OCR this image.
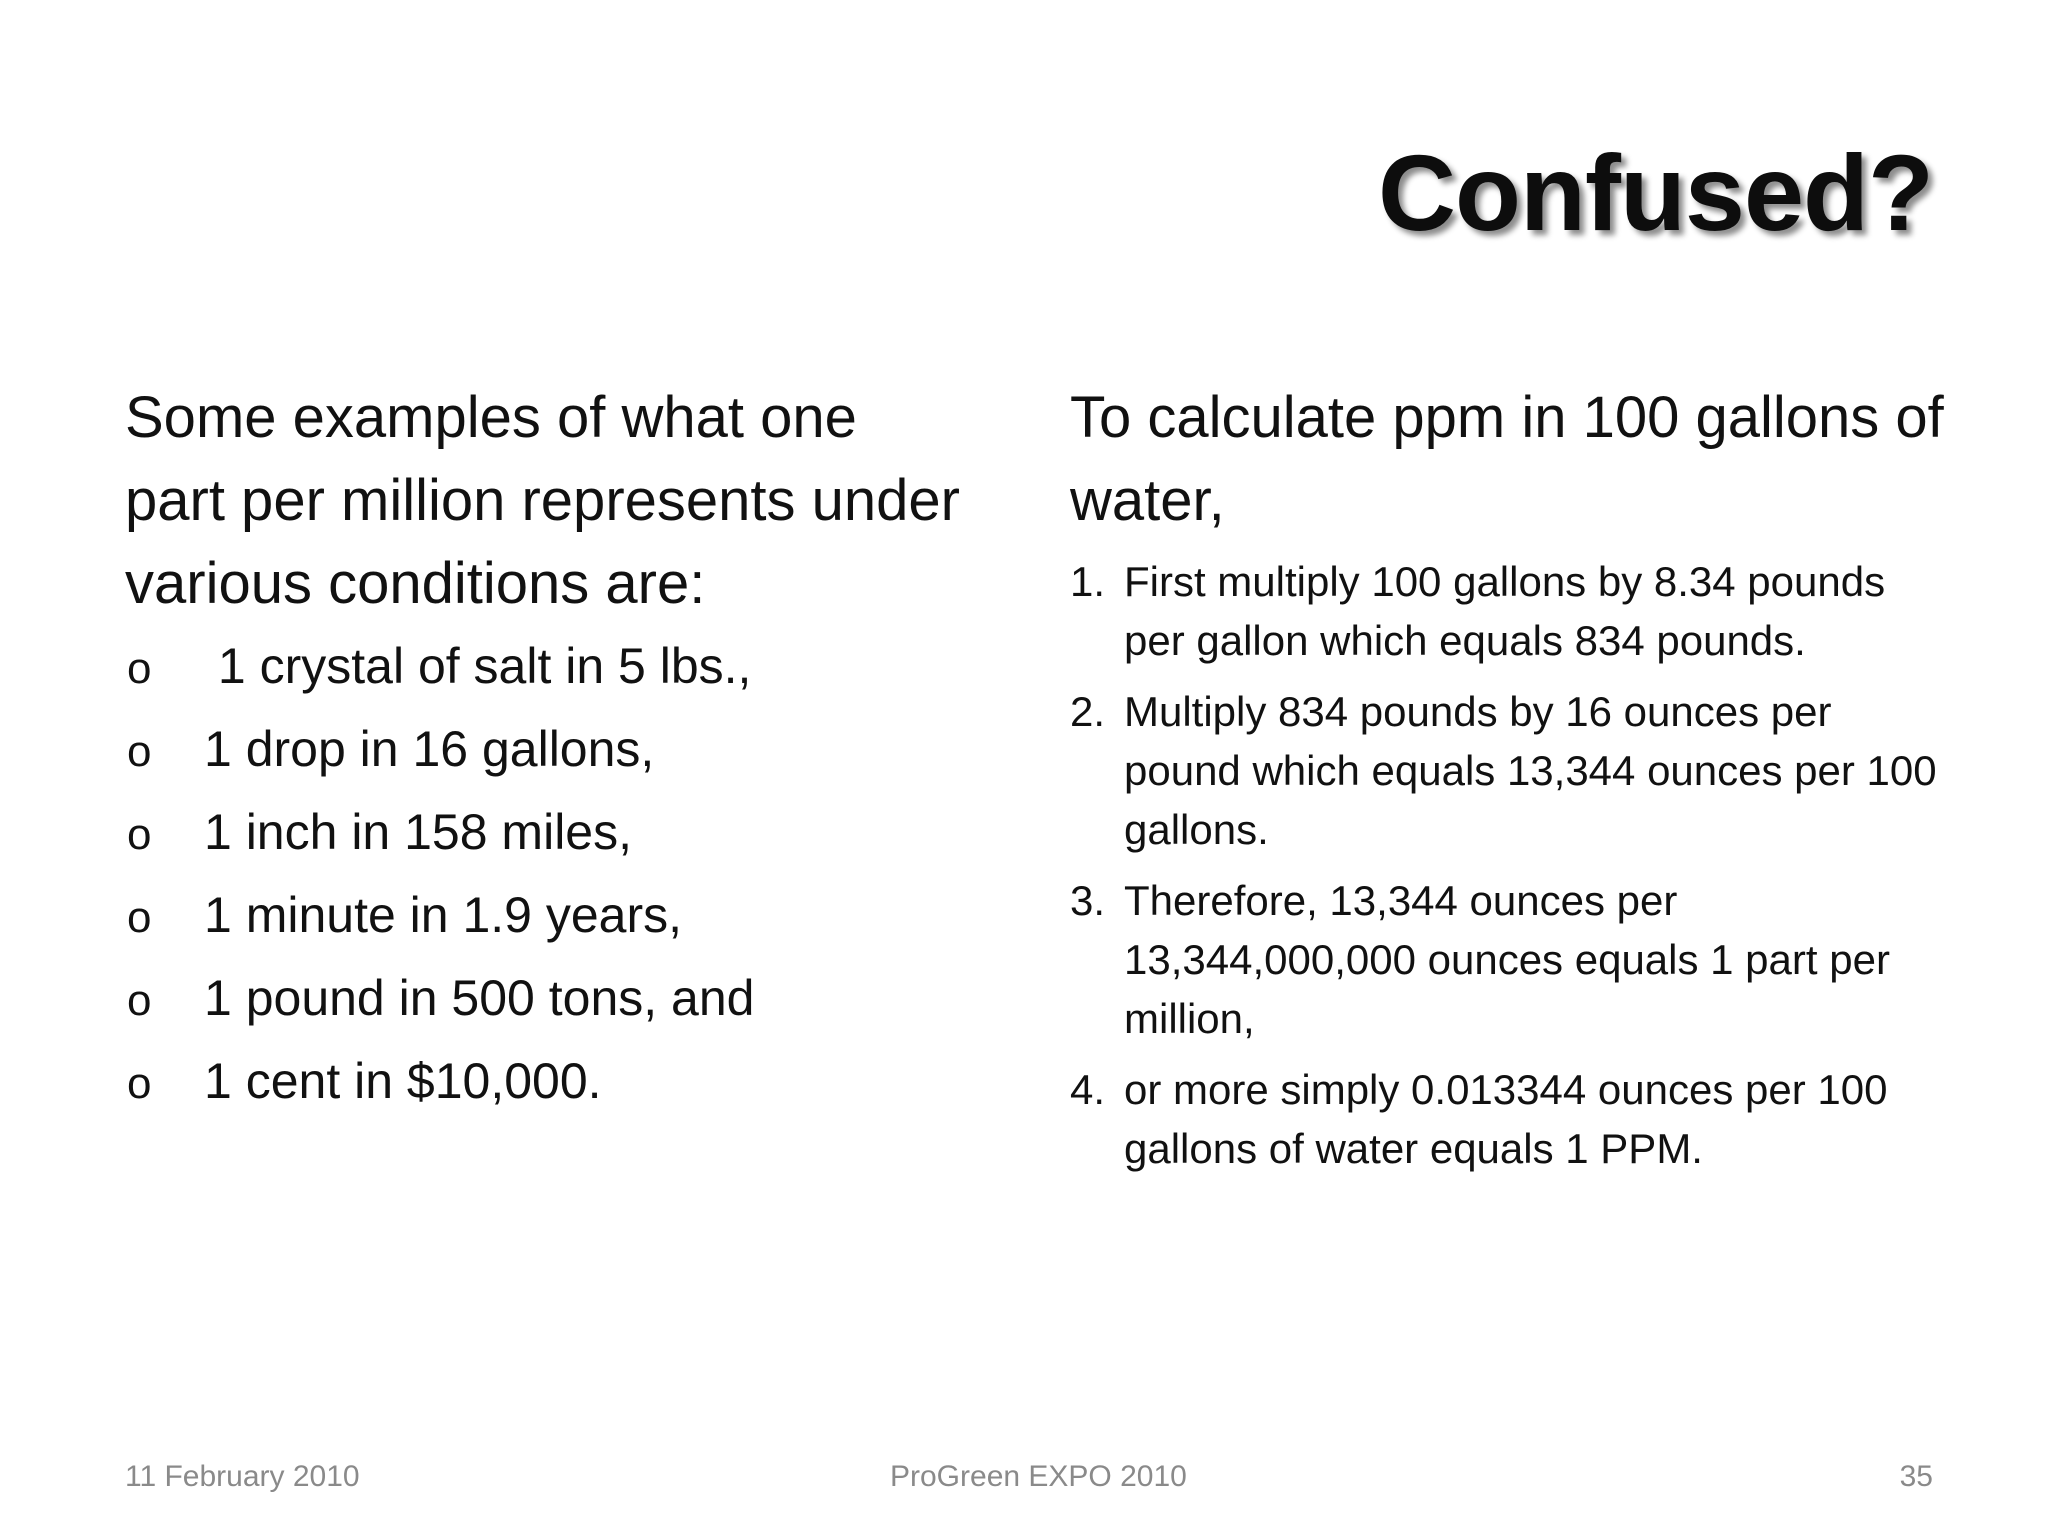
Confused?

Some examples of what one part per million represents under various conditions are:

o	1 crystal of salt in 5 lbs.,
o	1 drop in 16 gallons,
o	1 inch in 158 miles,
o	1 minute in 1.9 years,
o	1 pound in 500 tons, and
o	1 cent in $10,000.

To calculate ppm in 100 gallons of water,

1. First multiply 100 gallons by 8.34 pounds per gallon which equals 834 pounds.
2. Multiply 834 pounds by 16 ounces per pound which equals 13,344 ounces per 100 gallons.
3. Therefore, 13,344 ounces per 13,344,000,000 ounces equals 1 part per million,
4. or more simply 0.013344 ounces per 100 gallons of water equals 1 PPM.
11 February 2010	ProGreen EXPO 2010	35
